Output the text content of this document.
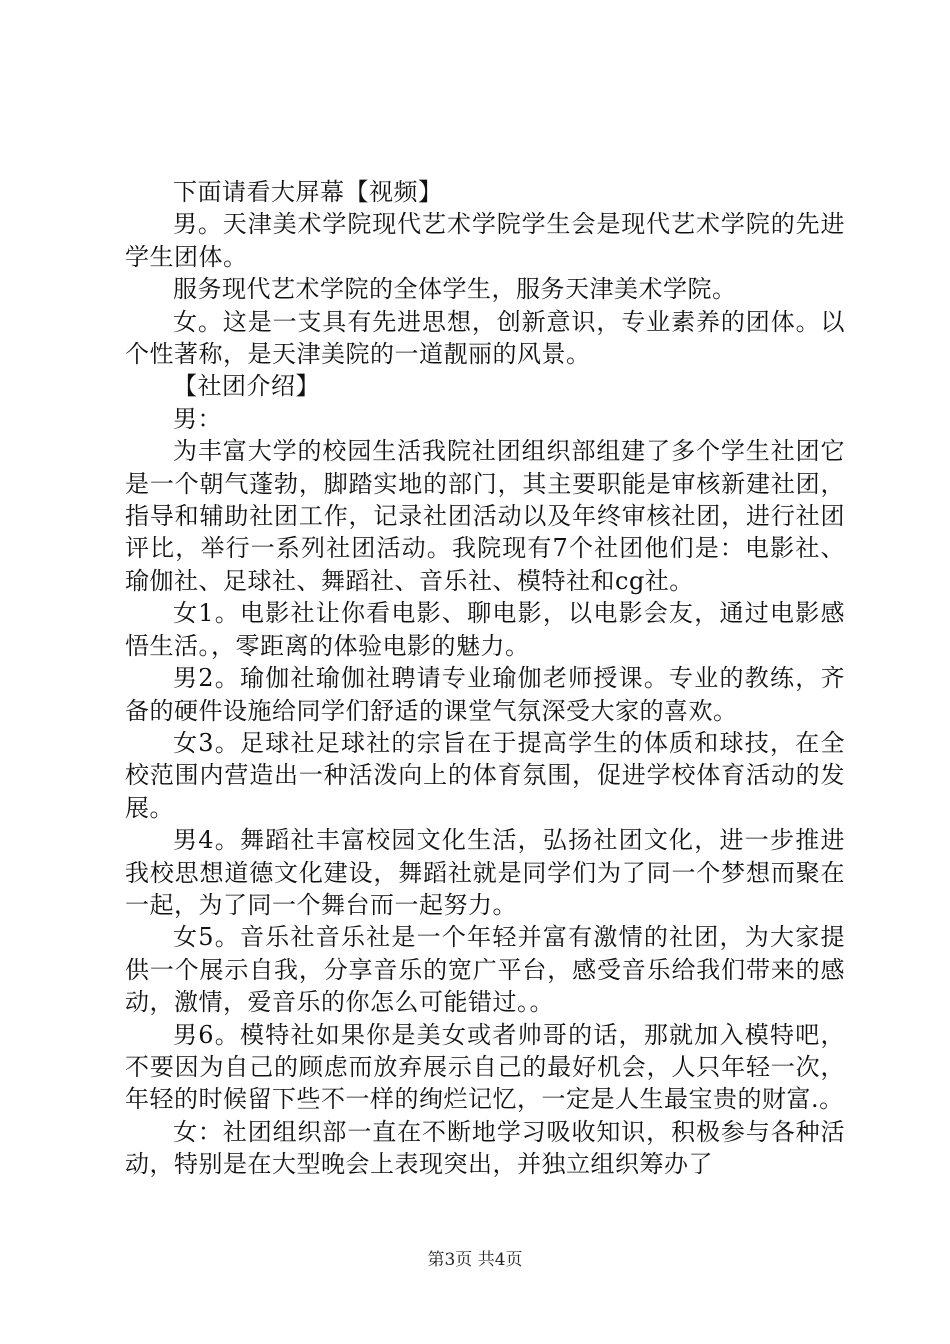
下面请看大屏幕【视频】

男。天津美术学院现代艺术学院学生会是现代艺术学院的先进学生团体。

服务现代艺术学院的全体学生，服务天津美术学院。

女。这是一支具有先进思想，创新意识，专业素养的团体。以个性著称，是天津美院的一道靓丽的风景。

【社团介绍】

男：

为丰富大学的校园生活我院社团组织部组建了多个学生社团它是一个朝气蓬勃，脚踏实地的部门，其主要职能是审核新建社团，指导和辅助社团工作，记录社团活动以及年终审核社团，进行社团评比，举行一系列社团活动。我院现有7个社团他们是：电影社、瑜伽社、足球社、舞蹈社、音乐社、模特社和cg社。

女1。电影社让你看电影、聊电影，以电影会友，通过电影感悟生活。，零距离的体验电影的魅力。

男2。瑜伽社瑜伽社聘请专业瑜伽老师授课。专业的教练，齐备的硬件设施给同学们舒适的课堂气氛深受大家的喜欢。

女3。足球社足球社的宗旨在于提高学生的体质和球技，在全校范围内营造出一种活泼向上的体育氛围，促进学校体育活动的发展。

男4。舞蹈社丰富校园文化生活，弘扬社团文化，进一步推进我校思想道德文化建设，舞蹈社就是同学们为了同一个梦想而聚在一起，为了同一个舞台而一起努力。

女5。音乐社音乐社是一个年轻并富有激情的社团，为大家提供一个展示自我，分享音乐的宽广平台，感受音乐给我们带来的感动，激情，爱音乐的你怎么可能错过。。

男6。模特社如果你是美女或者帅哥的话，那就加入模特吧，不要因为自己的顾虑而放弃展示自己的最好机会，人只年轻一次，年轻的时候留下些不一样的绚烂记忆，一定是人生最宝贵的财富.。

女：社团组织部一直在不断地学习吸收知识，积极参与各种活动，特别是在大型晚会上表现突出，并独立组织筹办了

第3页 共4页
